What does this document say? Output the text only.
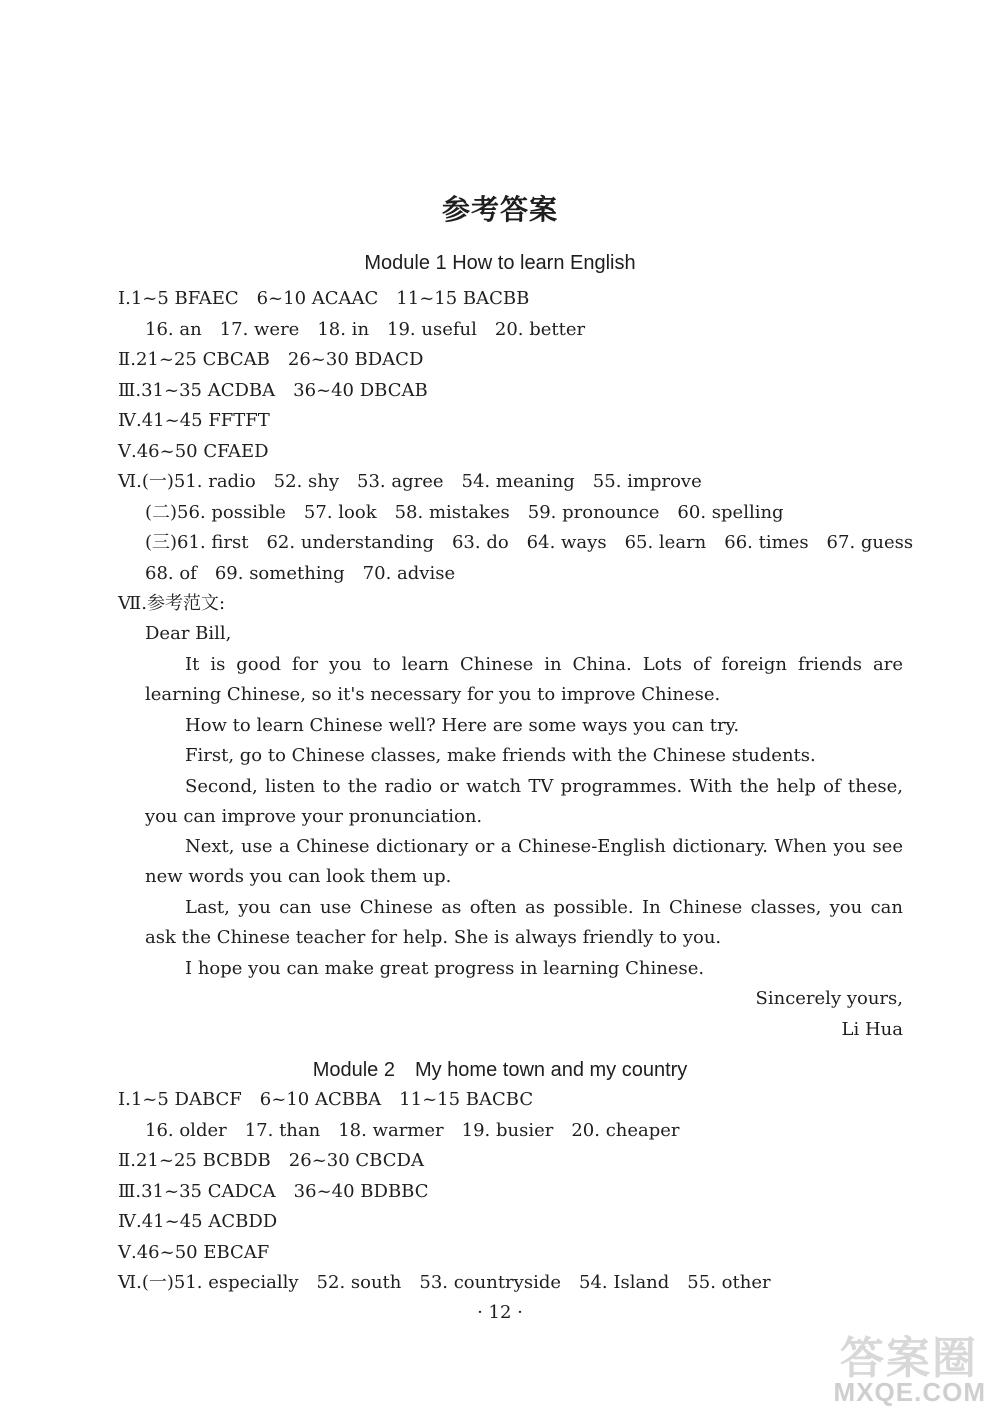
参考答案
Module 1 How to learn English
Ⅰ.1~5 BFAEC　6~10 ACAAC　11~15 BACBB
16. an　17. were　18. in　19. useful　20. better
Ⅱ.21~25 CBCAB　26~30 BDACD
Ⅲ.31~35 ACDBA　36~40 DBCAB
Ⅳ.41~45 FFTFT
Ⅴ.46~50 CFAED
Ⅵ.(一)51. radio　52. shy　53. agree　54. meaning　55. improve
(二)56. possible　57. look　58. mistakes　59. pronounce　60. spelling
(三)61. first　62. understanding　63. do　64. ways　65. learn　66. times　67. guess
68. of　69. something　70. advise
Ⅶ.参考范文:
Dear Bill,
It is good for you to learn Chinese in China. Lots of foreign friends are learning Chinese, so it's necessary for you to improve Chinese.
How to learn Chinese well? Here are some ways you can try.
First, go to Chinese classes, make friends with the Chinese students.
Second, listen to the radio or watch TV programmes. With the help of these, you can improve your pronunciation.
Next, use a Chinese dictionary or a Chinese-English dictionary. When you see new words you can look them up.
Last, you can use Chinese as often as possible. In Chinese classes, you can ask the Chinese teacher for help. She is always friendly to you.
I hope you can make great progress in learning Chinese.
Sincerely yours,
Li Hua
Module 2　My home town and my country
Ⅰ.1~5 DABCF　6~10 ACBBA　11~15 BACBC
16. older　17. than　18. warmer　19. busier　20. cheaper
Ⅱ.21~25 BCBDB　26~30 CBCDA
Ⅲ.31~35 CADCA　36~40 BDBBC
Ⅳ.41~45 ACBDD
Ⅴ.46~50 EBCAF
Ⅵ.(一)51. especially　52. south　53. countryside　54. Island　55. other
· 12 ·
答案圈
MXQE.COM
